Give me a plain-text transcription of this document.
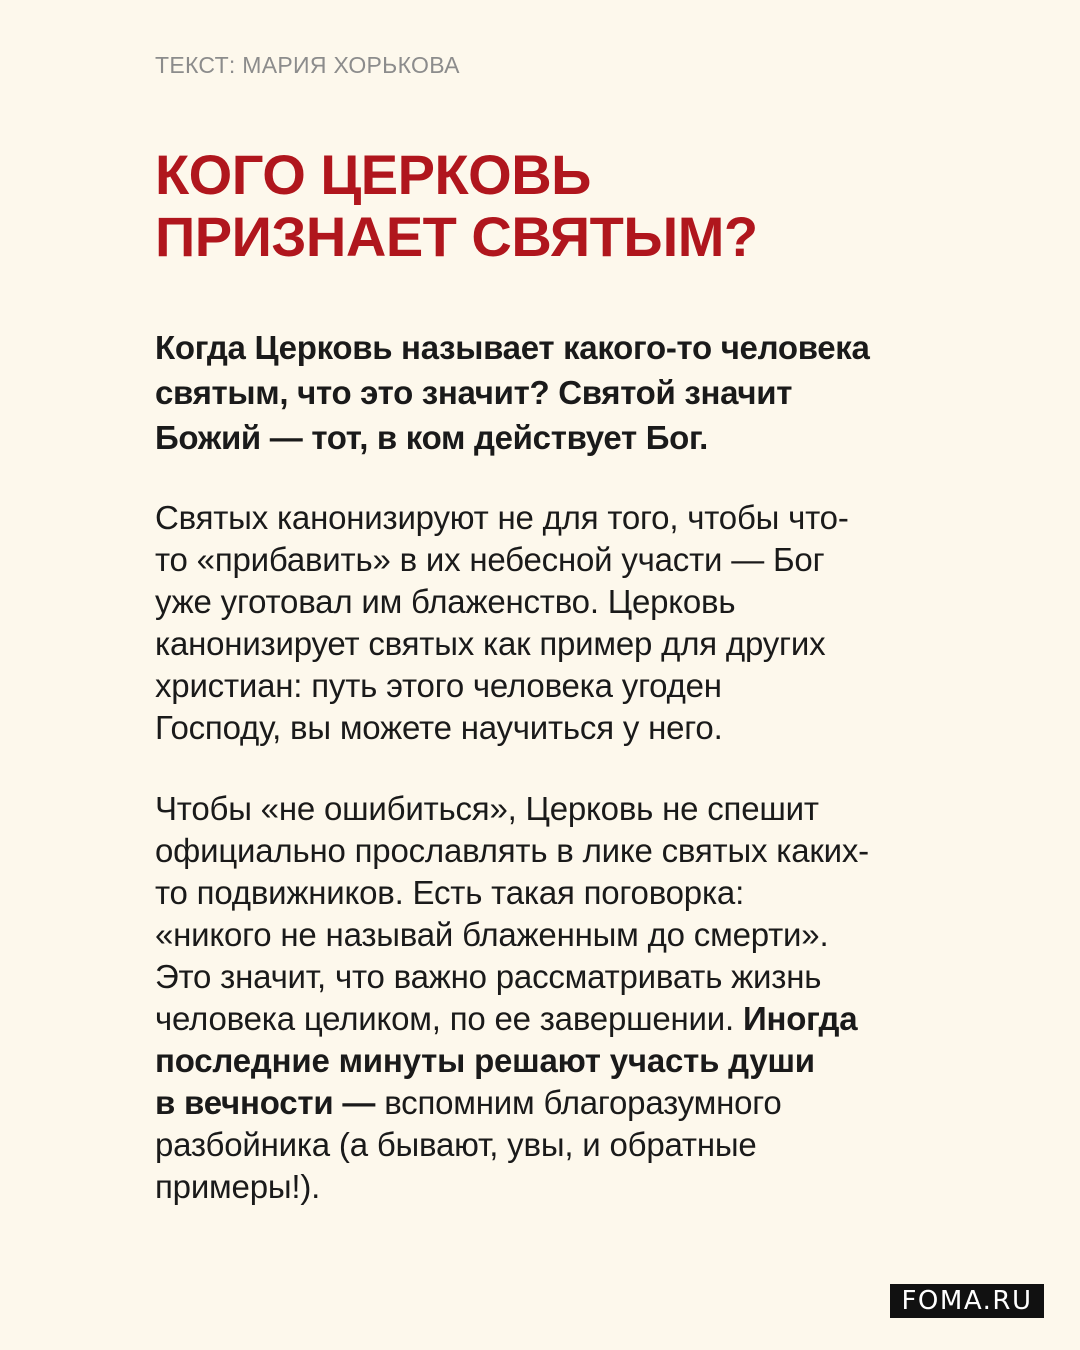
ТЕКСТ: МАРИЯ ХОРЬКОВА

КОГО ЦЕРКОВЬ
ПРИЗНАЕТ СВЯТЫМ?

Когда Церковь называет какого-то человека
святым, что это значит? Святой значит
Божий — тот, в ком действует Бог.

Святых канонизируют не для того, чтобы что-
то «прибавить» в их небесной участи — Бог
уже уготовал им блаженство. Церковь
канонизирует святых как пример для других
христиан: путь этого человека угоден
Господу, вы можете научиться у него.

Чтобы «не ошибиться», Церковь не спешит
официально прославлять в лике святых каких-
то подвижников. Есть такая поговорка:
«никого не называй блаженным до смерти».
Это значит, что важно рассматривать жизнь
человека целиком, по ее завершении. Иногда
последние минуты решают участь души
в вечности — вспомним благоразумного
разбойника (а бывают, увы, и обратные
примеры!).

FOMA.RU
